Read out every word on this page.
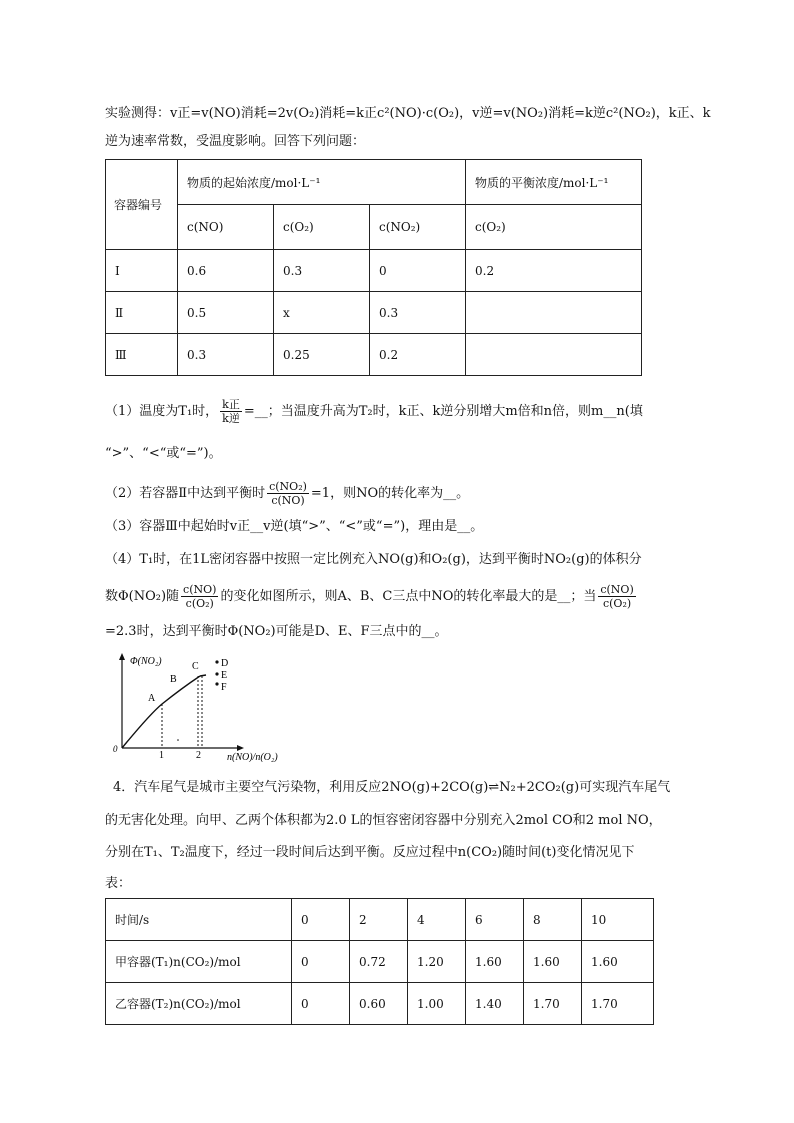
实验测得：v正=v(NO)消耗=2v(O₂)消耗=k正c²(NO)·c(O₂)，v逆=v(NO₂)消耗=k逆c²(NO₂)，k正、k
逆为速率常数，受温度影响。回答下列问题：
容器编号	物质的起始浓度/mol·L⁻¹			物质的平衡浓度/mol·L⁻¹
	c(NO)	c(O₂)	c(NO₂)	c(O₂)
Ⅰ	0.6	0.3	0	0.2
Ⅱ	0.5	x	0.3	
Ⅲ	0.3	0.25	0.2	
（1）温度为T₁时， $\frac{\text{k正}}{\text{k逆}}$ =__；当温度升高为T₂时，k正、k逆分别增大m倍和n倍，则m__n(填
“>”、“<“或“=”)。
（2）若容器Ⅱ中达到平衡时 $\frac{\text{c(NO₂)}}{c(NO)} =1$，则NO的转化率为__。
（3）容器Ⅲ中起始时v正__v逆(填“>”、“<”或“=”)，理由是__。
（4）T₁时，在1L密闭容器中按照一定比例充入NO(g)和O₂(g)，达到平衡时NO₂(g)的体积分
数Φ(NO₂)随 $\frac{c(NO)}{\text{c(O₂)}}$ 的变化如图所示，则A、B、C三点中NO的转化率最大的是__；当 $\frac{c(NO)}{\text{c(O₂)}}$
=2.3时，达到平衡时Φ(NO₂)可能是D、E、F三点中的__。
Φ(NO₂)
n(NO)/n(O₂)
0
1	2
A
B
C D
E
F
4．汽车尾气是城市主要空气污染物，利用反应2NO(g)+2CO(g)⇌N₂+2CO₂(g)可实现汽车尾气
的无害化处理。向甲、乙两个体积都为2.0 L的恒容密闭容器中分别充入2mol CO和2 mol NO，
分别在T₁、T₂温度下，经过一段时间后达到平衡。反应过程中n(CO₂)随时间(t)变化情况见下
表：
时间/s	0	2	4	6	8	10
甲容器(T₁)n(CO₂)/mol	0	0.72	1.20	1.60	1.60	1.60
乙容器(T₂)n(CO₂)/mol	0	0.60	1.00	1.40	1.70	1.70
